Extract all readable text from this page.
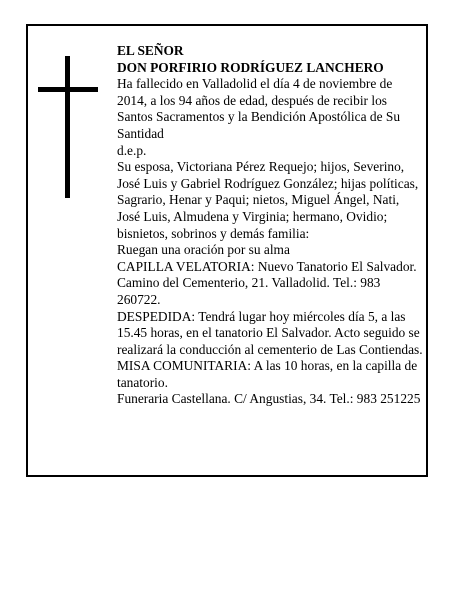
EL SEÑOR

DON PORFIRIO RODRÍGUEZ LANCHERO

Ha fallecido en Valladolid el día 4 de noviembre de 2014, a los 94 años de edad, después de recibir los Santos Sacramentos y la Bendición Apostólica de Su Santidad

d.e.p.

Su esposa, Victoriana Pérez Requejo; hijos, Severino, José Luis y Gabriel Rodríguez González; hijas políticas, Sagrario, Henar y Paqui; nietos, Miguel Ángel, Nati, José Luis, Almudena y Virginia; hermano, Ovidio; bisnietos, sobrinos y demás familia:

Ruegan una oración por su alma

CAPILLA VELATORIA: Nuevo Tanatorio El Salvador. Camino del Cementerio, 21. Valladolid. Tel.: 983 260722.

DESPEDIDA: Tendrá lugar hoy miércoles día 5, a las 15.45 horas, en el tanatorio El Salvador. Acto seguido se realizará la conducción al cementerio de Las Contiendas. MISA COMUNITARIA: A las 10 horas, en la capilla de tanatorio.

Funeraria Castellana. C/ Angustias, 34. Tel.: 983 251225
